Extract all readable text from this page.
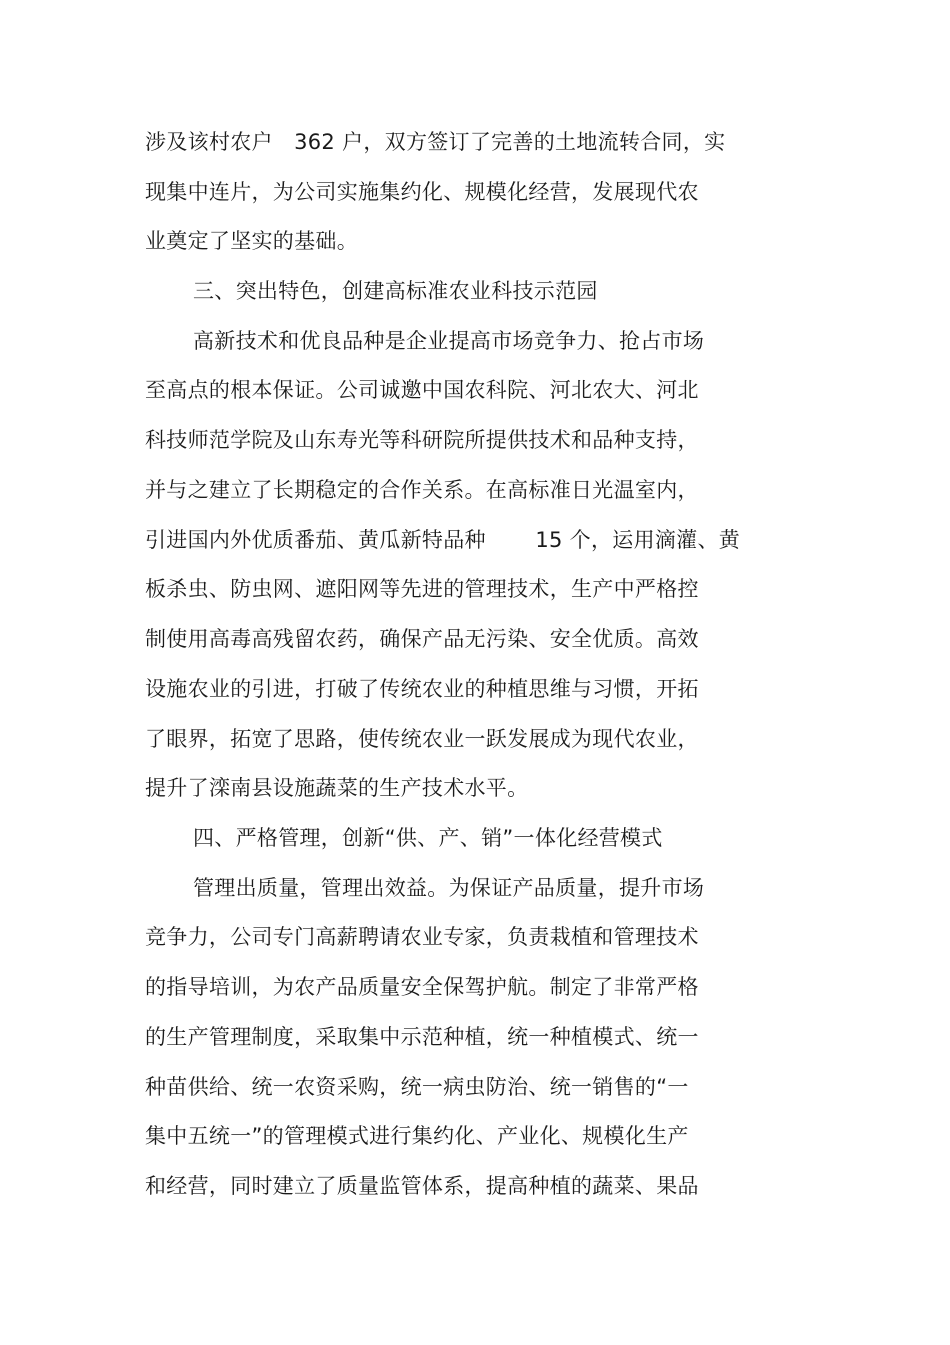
涉及该村农户　362 户，双方签订了完善的土地流转合同，实
现集中连片，为公司实施集约化、规模化经营，发展现代农
业奠定了坚实的基础。
三、突出特色，创建高标准农业科技示范园
高新技术和优良品种是企业提高市场竞争力、抢占市场
至高点的根本保证。公司诚邀中国农科院、河北农大、河北
科技师范学院及山东寿光等科研院所提供技术和品种支持，
并与之建立了长期稳定的合作关系。在高标准日光温室内，
引进国内外优质番茄、黄瓜新特品种　　 15 个，运用滴灌、黄
板杀虫、防虫网、遮阳网等先进的管理技术，生产中严格控
制使用高毒高残留农药，确保产品无污染、安全优质。高效
设施农业的引进，打破了传统农业的种植思维与习惯，开拓
了眼界，拓宽了思路，使传统农业一跃发展成为现代农业，
提升了滦南县设施蔬菜的生产技术水平。
四、严格管理，创新“供、产、销”一体化经营模式
管理出质量，管理出效益。为保证产品质量，提升市场
竞争力，公司专门高薪聘请农业专家，负责栽植和管理技术
的指导培训，为农产品质量安全保驾护航。制定了非常严格
的生产管理制度，采取集中示范种植，统一种植模式、统一
种苗供给、统一农资采购，统一病虫防治、统一销售的“一
集中五统一”的管理模式进行集约化、产业化、规模化生产
和经营，同时建立了质量监管体系，提高种植的蔬菜、果品
